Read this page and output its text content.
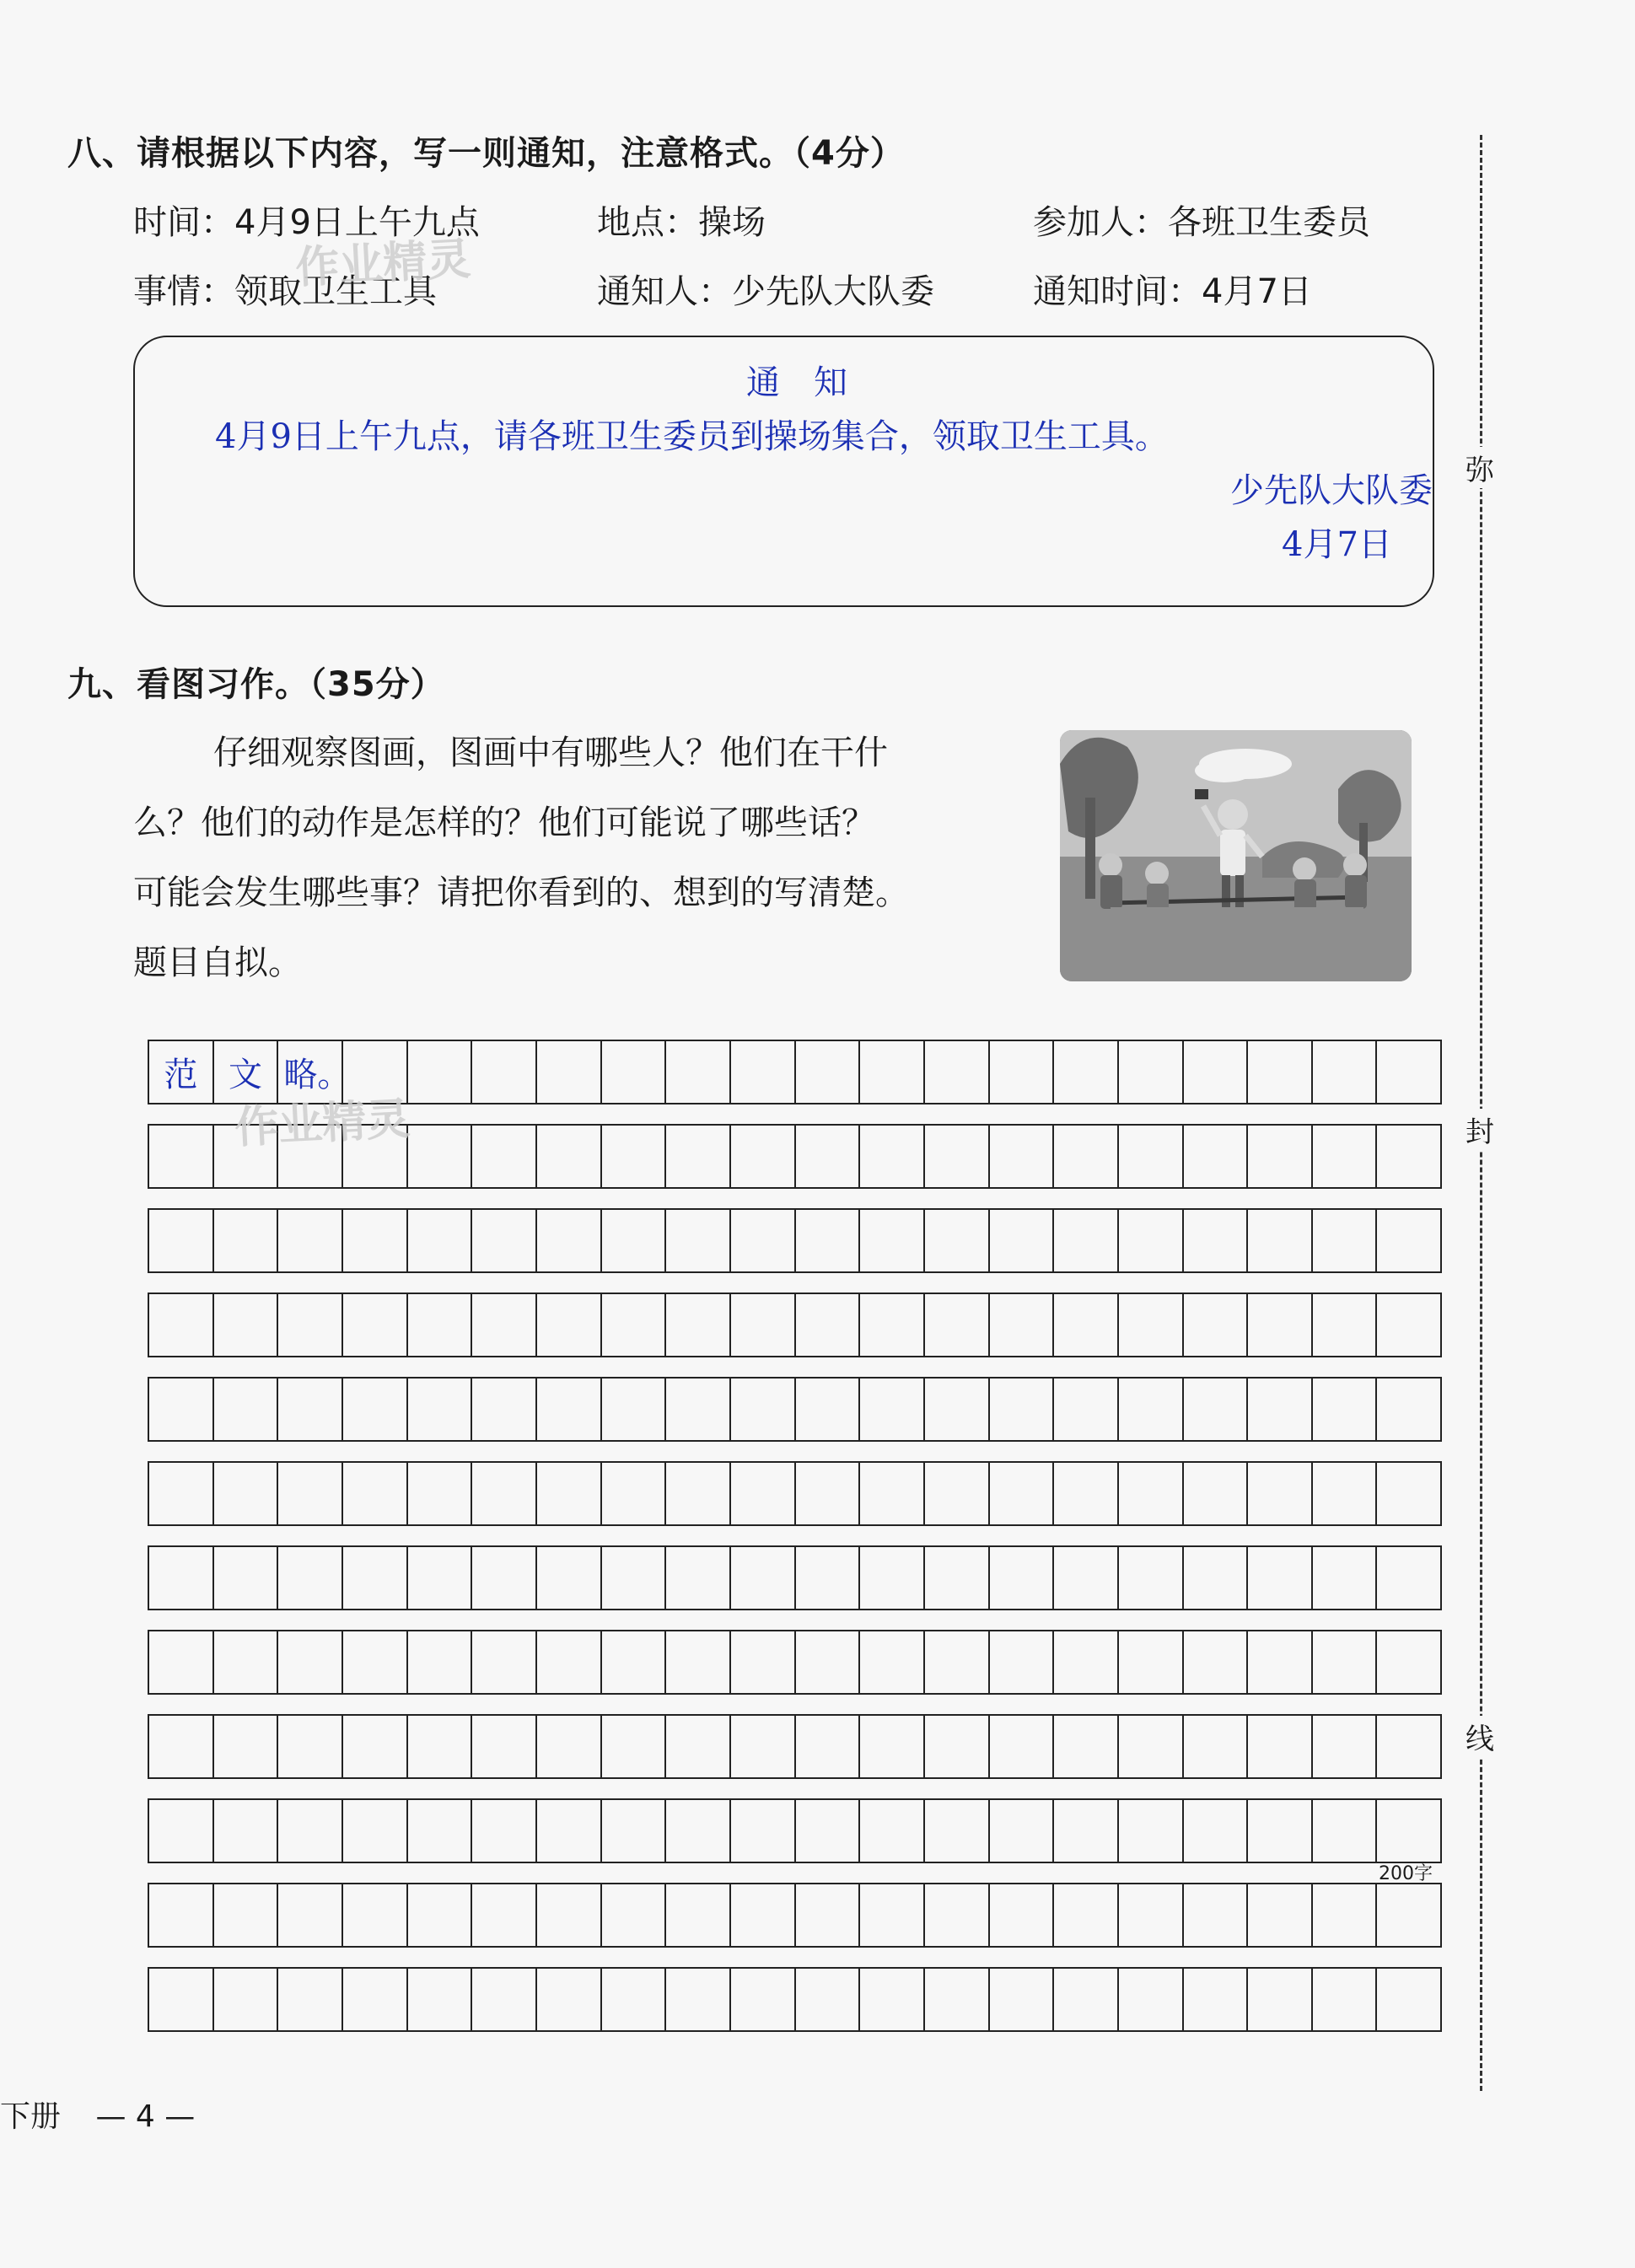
八、请根据以下内容，写一则通知，注意格式。（4分）
时间：4月9日上午九点	地点：操场	参加人：各班卫生委员
事情：领取卫生工具	通知人：少先队大队委	通知时间：4月7日
作业精灵
通　知
4月9日上午九点，请各班卫生委员到操场集合，领取卫生工具。
少先队大队委
4月7日
九、看图习作。（35分）
仔细观察图画，图画中有哪些人？他们在干什
么？他们的动作是怎样的？他们可能说了哪些话？
可能会发生哪些事？请把你看到的、想到的写清楚。
题目自拟。
范 文 略。
作业精灵
200字
弥
封
线
下册 — 4 —
